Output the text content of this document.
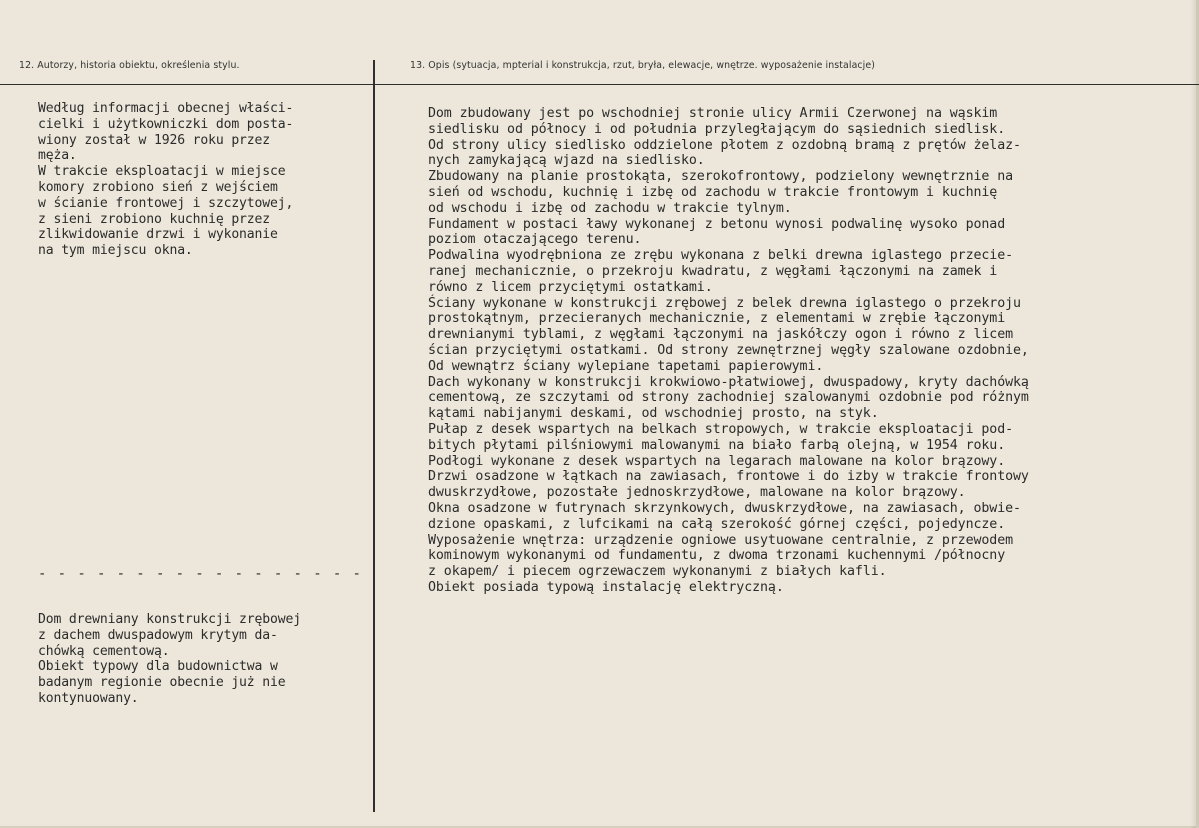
12. Autorzy, historia obiektu, określenia stylu.	13. Opis (sytuacja, mpterial i konstrukcja, rzut, bryła, elewacje, wnętrze. wyposażenie instalacje)
Według informacji obecnej właści-
cielki i użytkowniczki dom posta-
wiony został w 1926 roku przez
męża.
W trakcie eksploatacji w miejsce
komory zrobiono sień z wejściem
w ścianie frontowej i szczytowej,
z sieni zrobiono kuchnię przez
zlikwidowanie drzwi i wykonanie
na tym miejscu okna.
- - - - - - - - - - - - - - - - -
Dom drewniany konstrukcji zrębowej
z dachem dwuspadowym krytym da-
chówką cementową.
Obiekt typowy dla budownictwa w
badanym regionie obecnie już nie
kontynuowany.
Dom zbudowany jest po wschodniej stronie ulicy Armii Czerwonej na wąskim
siedlisku od północy i od południa przyległającym do sąsiednich siedlisk.
Od strony ulicy siedlisko oddzielone płotem z ozdobną bramą z prętów żelaz-
nych zamykającą wjazd na siedlisko.
Zbudowany na planie prostokąta, szerokofrontowy, podzielony wewnętrznie na
sień od wschodu, kuchnię i izbę od zachodu w trakcie frontowym i kuchnię
od wschodu i izbę od zachodu w trakcie tylnym.
Fundament w postaci ławy wykonanej z betonu wynosi podwalinę wysoko ponad
poziom otaczającego terenu.
Podwalina wyodrębniona ze zrębu wykonana z belki drewna iglastego przecie-
ranej mechanicznie, o przekroju kwadratu, z węgłami łączonymi na zamek i
równo z licem przyciętymi ostatkami.
Ściany wykonane w konstrukcji zrębowej z belek drewna iglastego o przekroju
prostokątnym, przecieranych mechanicznie, z elementami w zrębie łączonymi
drewnianymi tyblami, z węgłami łączonymi na jaskółczy ogon i równo z licem
ścian przyciętymi ostatkami. Od strony zewnętrznej węgły szalowane ozdobnie,
Od wewnątrz ściany wylepiane tapetami papierowymi.
Dach wykonany w konstrukcji krokwiowo-płatwiowej, dwuspadowy, kryty dachówką
cementową, ze szczytami od strony zachodniej szalowanymi ozdobnie pod różnym
kątami nabijanymi deskami, od wschodniej prosto, na styk.
Pułap z desek wspartych na belkach stropowych, w trakcie eksploatacji pod-
bitych płytami pilśniowymi malowanymi na biało farbą olejną, w 1954 roku.
Podłogi wykonane z desek wspartych na legarach malowane na kolor brązowy.
Drzwi osadzone w łątkach na zawiasach, frontowe i do izby w trakcie frontowy
dwuskrzydłowe, pozostałe jednoskrzydłowe, malowane na kolor brązowy.
Okna osadzone w futrynach skrzynkowych, dwuskrzydłowe, na zawiasach, obwie-
dzione opaskami, z lufcikami na całą szerokość górnej części, pojedyncze.
Wyposażenie wnętrza: urządzenie ogniowe usytuowane centralnie, z przewodem
kominowym wykonanymi od fundamentu, z dwoma trzonami kuchennymi /północny
z okapem/ i piecem ogrzewaczem wykonanymi z białych kafli.
Obiekt posiada typową instalację elektryczną.
